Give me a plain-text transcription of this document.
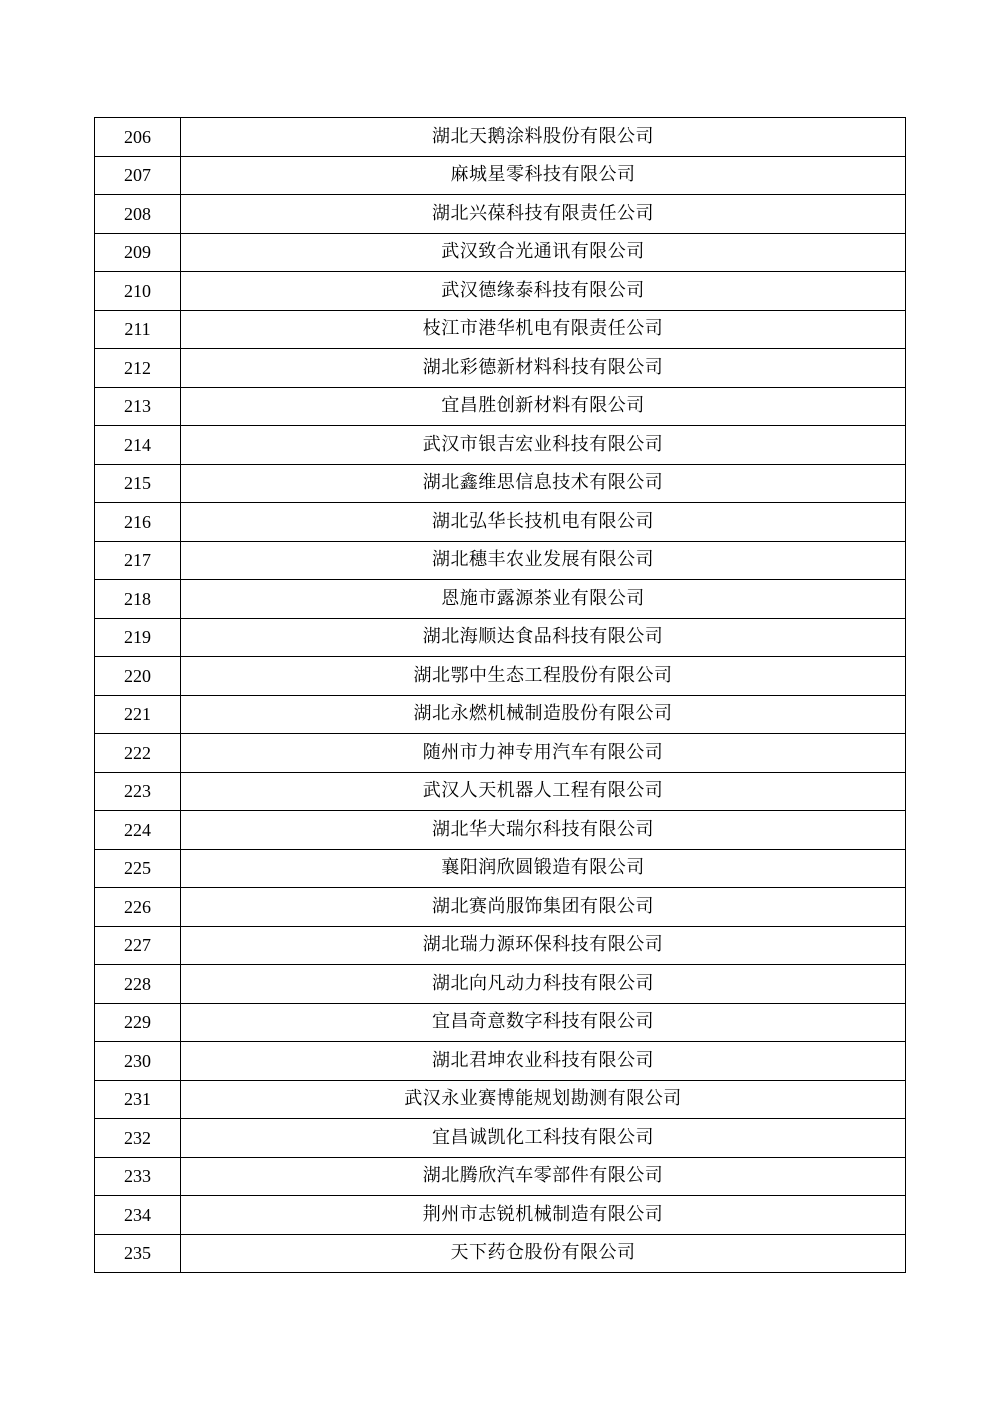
206	湖北天鹅涂料股份有限公司
207	麻城星零科技有限公司
208	湖北兴葆科技有限责任公司
209	武汉致合光通讯有限公司
210	武汉德缘泰科技有限公司
211	枝江市港华机电有限责任公司
212	湖北彩德新材料科技有限公司
213	宜昌胜创新材料有限公司
214	武汉市银吉宏业科技有限公司
215	湖北鑫维思信息技术有限公司
216	湖北弘华长技机电有限公司
217	湖北穗丰农业发展有限公司
218	恩施市露源茶业有限公司
219	湖北海顺达食品科技有限公司
220	湖北鄂中生态工程股份有限公司
221	湖北永燃机械制造股份有限公司
222	随州市力神专用汽车有限公司
223	武汉人天机器人工程有限公司
224	湖北华大瑞尔科技有限公司
225	襄阳润欣圆锻造有限公司
226	湖北赛尚服饰集团有限公司
227	湖北瑞力源环保科技有限公司
228	湖北向凡动力科技有限公司
229	宜昌奇意数字科技有限公司
230	湖北君坤农业科技有限公司
231	武汉永业赛博能规划勘测有限公司
232	宜昌诚凯化工科技有限公司
233	湖北腾欣汽车零部件有限公司
234	荆州市志锐机械制造有限公司
235	天下药仓股份有限公司
